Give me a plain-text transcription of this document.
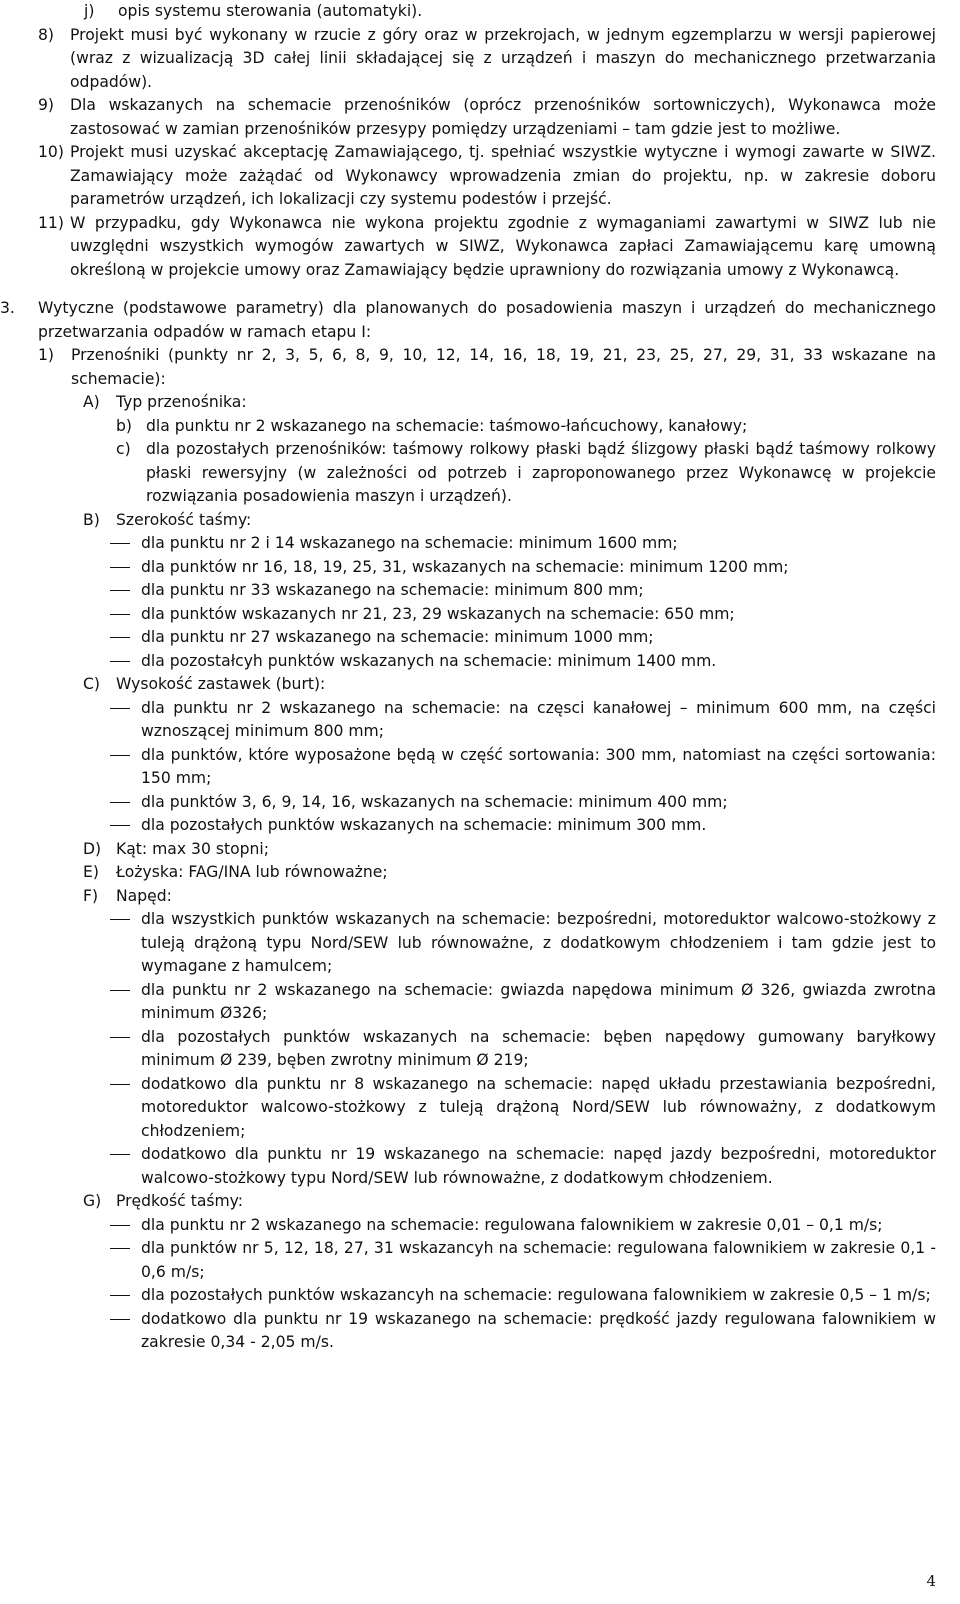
j)	opis systemu sterowania (automatyki).
8)	Projekt musi być wykonany w rzucie z góry oraz w przekrojach, w jednym egzemplarzu w wersji papierowej (wraz z wizualizacją 3D całej linii składającej się z urządzeń i maszyn do mechanicznego przetwarzania odpadów).
9)	Dla wskazanych na schemacie przenośników (oprócz przenośników sortowniczych), Wykonawca może zastosować w zamian przenośników przesypy pomiędzy urządzeniami – tam gdzie jest to możliwe.
10) Projekt musi uzyskać akceptację Zamawiającego, tj. spełniać wszystkie wytyczne i wymogi zawarte w SIWZ. Zamawiający może zażądać od Wykonawcy wprowadzenia zmian do projektu, np. w zakresie doboru parametrów urządzeń, ich lokalizacji czy systemu podestów i przejść.
11) W przypadku, gdy Wykonawca nie wykona projektu zgodnie z wymaganiami zawartymi w SIWZ lub nie uwzględni wszystkich wymogów zawartych w SIWZ, Wykonawca zapłaci Zamawiającemu karę umowną określoną w projekcie umowy oraz Zamawiający będzie uprawniony do rozwiązania umowy z Wykonawcą.
3.	Wytyczne (podstawowe parametry) dla planowanych do posadowienia maszyn i urządzeń do mechanicznego przetwarzania odpadów w ramach etapu I:
1)	Przenośniki (punkty nr 2, 3, 5, 6, 8, 9, 10, 12, 14, 16, 18, 19, 21, 23, 25, 27, 29, 31, 33 wskazane na schemacie):
A)	Typ przenośnika:
b) dla punktu nr 2 wskazanego na schemacie: taśmowo-łańcuchowy, kanałowy;
c) dla pozostałych przenośników: taśmowy rolkowy płaski bądź ślizgowy płaski bądź taśmowy rolkowy płaski rewersyjny (w zależności od potrzeb i zaproponowanego przez Wykonawcę w projekcie rozwiązania posadowienia maszyn i urządzeń).
B)	Szerokość taśmy:
dla punktu nr 2 i 14 wskazanego na schemacie: minimum 1600 mm;
dla punktów nr 16, 18, 19, 25, 31, wskazanych na schemacie: minimum 1200 mm;
dla punktu nr 33 wskazanego na schemacie: minimum 800 mm;
dla punktów wskazanych nr 21, 23, 29 wskazanych na schemacie: 650 mm;
dla punktu nr 27 wskazanego na schemacie: minimum 1000 mm;
dla pozostałcyh punktów wskazanych na schemacie: minimum 1400 mm.
C)	Wysokość zastawek (burt):
dla punktu nr 2 wskazanego na schemacie: na częsci kanałowej – minimum 600 mm, na części wznoszącej minimum 800 mm;
dla punktów, które wyposażone będą w część sortowania: 300 mm, natomiast na części sortowania: 150 mm;
dla punktów 3, 6, 9, 14, 16, wskazanych na schemacie: minimum 400 mm;
dla pozostałych punktów wskazanych na schemacie: minimum 300 mm.
D) Kąt: max 30 stopni;
E)	Łożyska: FAG/INA lub równoważne;
F)	Napęd:
dla wszystkich punktów wskazanych na schemacie: bezpośredni, motoreduktor walcowo-stożkowy z tuleją drążoną typu Nord/SEW lub równoważne, z dodatkowym chłodzeniem i tam gdzie jest to wymagane z hamulcem;
dla punktu nr 2 wskazanego na schemacie: gwiazda napędowa minimum Ø 326, gwiazda zwrotna minimum Ø326;
dla pozostałych punktów wskazanych na schemacie: bęben napędowy gumowany baryłkowy minimum Ø 239, bęben zwrotny minimum Ø 219;
dodatkowo dla punktu nr 8 wskazanego na schemacie: napęd układu przestawiania bezpośredni, motoreduktor walcowo-stożkowy z tuleją drążoną Nord/SEW lub równoważny, z dodatkowym chłodzeniem;
dodatkowo dla punktu nr 19 wskazanego na schemacie: napęd jazdy bezpośredni, motoreduktor walcowo-stożkowy typu Nord/SEW lub równoważne, z dodatkowym chłodzeniem.
G) Prędkość taśmy:
dla punktu nr 2 wskazanego na schemacie: regulowana falownikiem w zakresie 0,01 – 0,1 m/s;
dla punktów nr 5, 12, 18, 27, 31 wskazancyh na schemacie: regulowana falownikiem w zakresie 0,1 - 0,6 m/s;
dla pozostałych punktów wskazancyh na schemacie: regulowana falownikiem w zakresie 0,5 – 1 m/s;
dodatkowo dla punktu nr 19 wskazanego na schemacie: prędkość jazdy regulowana falownikiem w zakresie 0,34 - 2,05 m/s.
4
